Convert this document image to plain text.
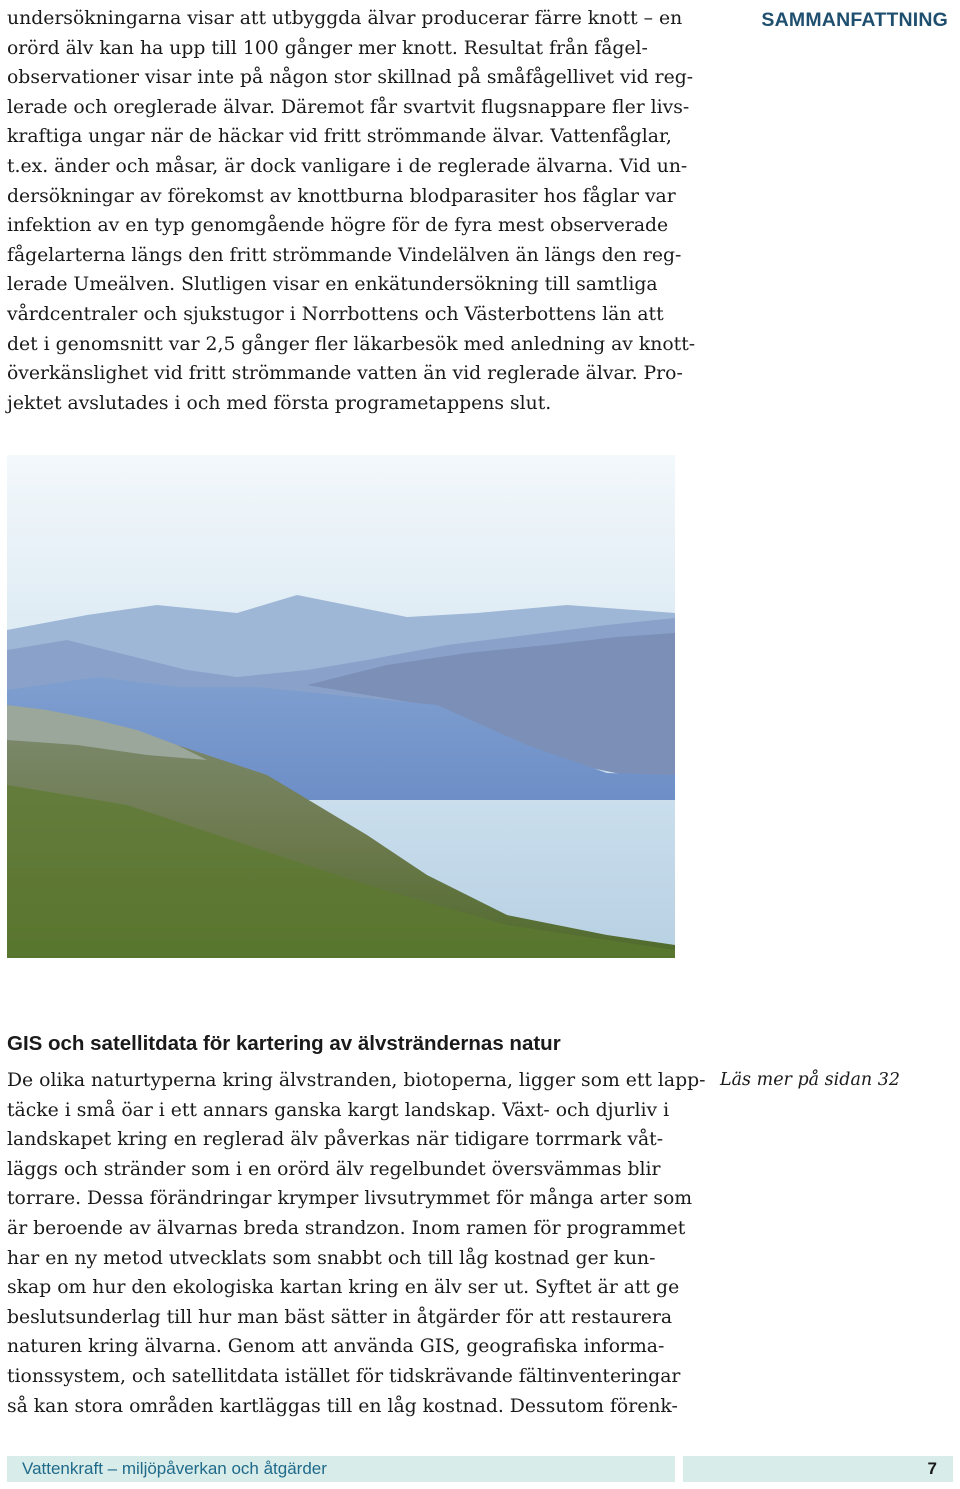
SAMMANFATTNING
undersökningarna visar att utbyggda älvar producerar färre knott – en
orörd älv kan ha upp till 100 gånger mer knott. Resultat från fågel-
observationer visar inte på någon stor skillnad på småfågellivet vid reg-
lerade och oreglerade älvar. Däremot får svartvit flugsnappare fler livs-
kraftiga ungar när de häckar vid fritt strömmande älvar. Vattenfåglar,
t.ex. änder och måsar, är dock vanligare i de reglerade älvarna. Vid un-
dersökningar av förekomst av knottburna blodparasiter hos fåglar var
infektion av en typ genomgående högre för de fyra mest observerade
fågelarterna längs den fritt strömmande Vindelälven än längs den reg-
lerade Umeälven. Slutligen visar en enkätundersökning till samtliga
vårdcentraler och sjukstugor i Norrbottens och Västerbottens län att
det i genomsnitt var 2,5 gånger fler läkarbesök med anledning av knott-
överkänslighet vid fritt strömmande vatten än vid reglerade älvar. Pro-
jektet avslutades i och med första programetappens slut.
GIS och satellitdata för kartering av älvsträndernas natur
De olika naturtyperna kring älvstranden, biotoperna, ligger som ett lapp-
täcke i små öar i ett annars ganska kargt landskap. Växt- och djurliv i
landskapet kring en reglerad älv påverkas när tidigare torrmark våt-
läggs och stränder som i en orörd älv regelbundet översvämmas blir
torrare. Dessa förändringar krymper livsutrymmet för många arter som
är beroende av älvarnas breda strandzon. Inom ramen för programmet
har en ny metod utvecklats som snabbt och till låg kostnad ger kun-
skap om hur den ekologiska kartan kring en älv ser ut. Syftet är att ge
beslutsunderlag till hur man bäst sätter in åtgärder för att restaurera
naturen kring älvarna. Genom att använda GIS, geografiska informa-
tionssystem, och satellitdata istället för tidskrävande fältinventeringar
så kan stora områden kartläggas till en låg kostnad. Dessutom förenk-
Läs mer på sidan 32
Vattenkraft – miljöpåverkan och åtgärder	7
